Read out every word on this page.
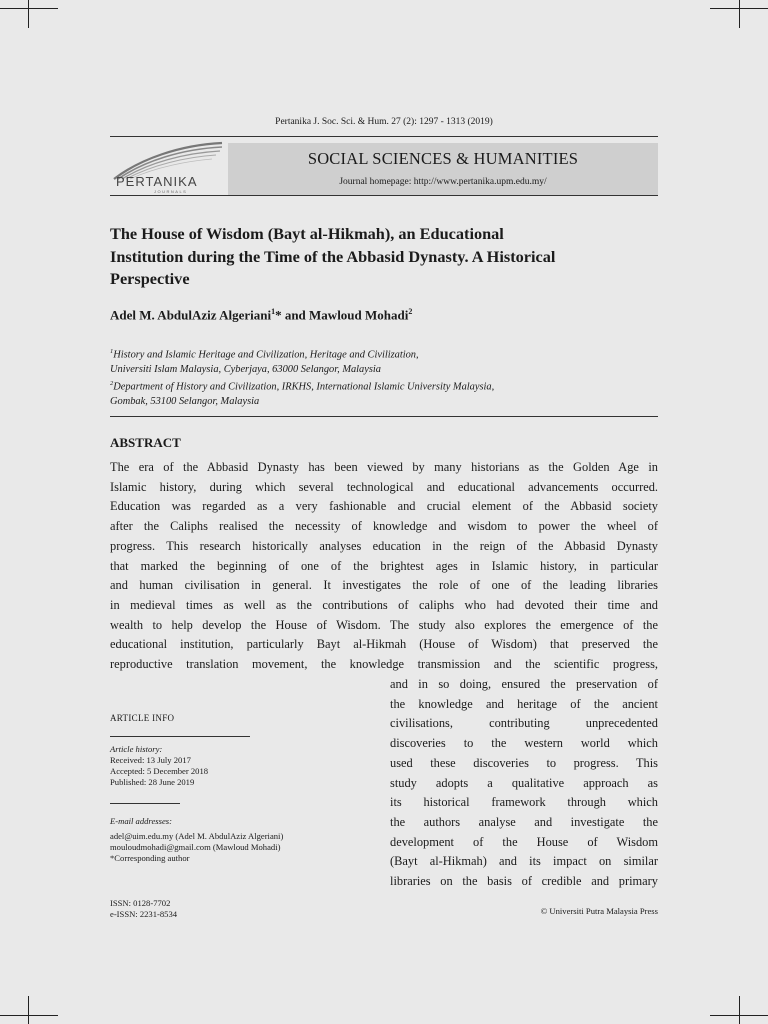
Pertanika J. Soc. Sci. & Hum. 27 (2): 1297 - 1313 (2019)
PERTANIKA
JOURNALS
SOCIAL SCIENCES & HUMANITIES
Journal homepage: http://www.pertanika.upm.edu.my/
The House of Wisdom (Bayt al-Hikmah), an Educational
Institution during the Time of the Abbasid Dynasty. A Historical
Perspective
Adel M. AbdulAziz Algeriani$^1$* and Mawloud Mohadi$^2$
$^1$History and Islamic Heritage and Civilization, Heritage and Civilization,
Universiti Islam Malaysia, Cyberjaya, 63000 Selangor, Malaysia
$^2$Department of History and Civilization, IRKHS, International Islamic University Malaysia,
Gombak, 53100 Selangor, Malaysia
ABSTRACT
The era of the Abbasid Dynasty has been viewed by many historians as the Golden Age in
Islamic history, during which several technological and educational advancements occurred.
Education was regarded as a very fashionable and crucial element of the Abbasid society
after the Caliphs realised the necessity of knowledge and wisdom to power the wheel of
progress. This research historically analyses education in the reign of the Abbasid Dynasty
that marked the beginning of one of the brightest ages in Islamic history, in particular
and human civilisation in general. It investigates the role of one of the leading libraries
in medieval times as well as the contributions of caliphs who had devoted their time and
wealth to help develop the House of Wisdom. The study also explores the emergence of the
educational institution, particularly Bayt al-Hikmah (House of Wisdom) that preserved the
reproductive translation movement, the knowledge transmission and the scientific progress,
and in so doing, ensured the preservation of
the knowledge and heritage of the ancient
civilisations, contributing unprecedented
discoveries to the western world which
used these discoveries to progress. This
study adopts a qualitative approach as
its historical framework through which
the authors analyse and investigate the
development of the House of Wisdom
(Bayt al-Hikmah) and its impact on similar
libraries on the basis of credible and primary
ARTICLE INFO
Article history:
Received: 13 July 2017
Accepted: 5 December 2018
Published: 28 June 2019
E-mail addresses:
adel@uim.edu.my (Adel M. AbdulAziz Algeriani)
mouloudmohadi@gmail.com (Mawloud Mohadi)
*Corresponding author
ISSN: 0128-7702
e-ISSN: 2231-8534	© Universiti Putra Malaysia Press
